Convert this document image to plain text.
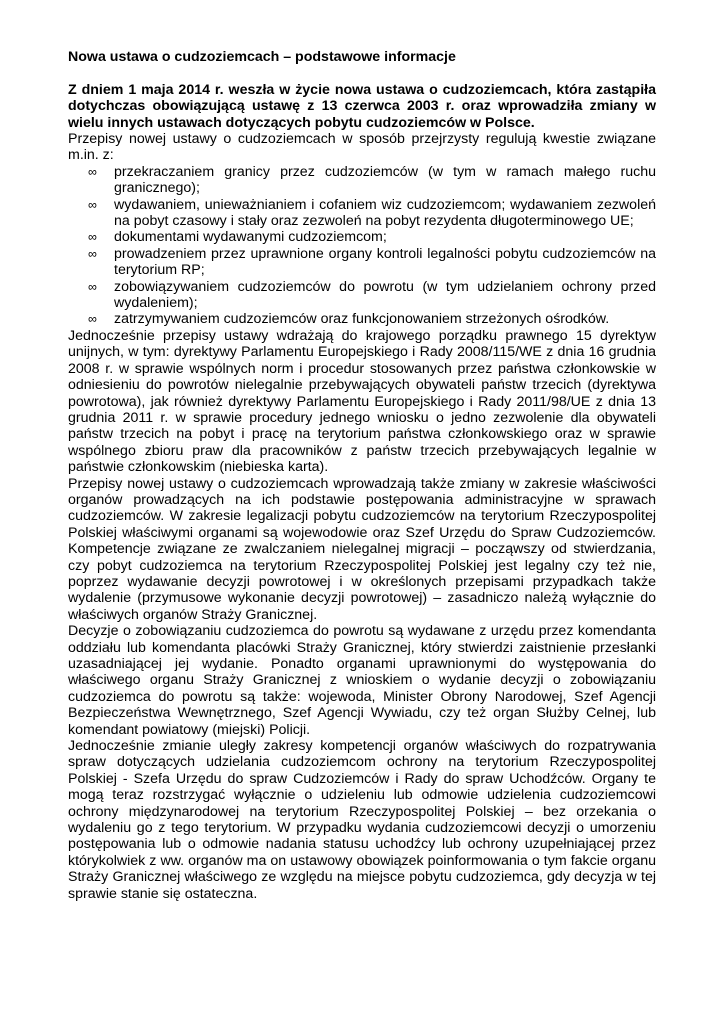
Nowa ustawa o cudzoziemcach – podstawowe informacje

Z dniem 1 maja 2014 r. weszła w życie nowa ustawa o cudzoziemcach, która zastąpiła dotychczas obowiązującą ustawę z 13 czerwca 2003 r. oraz wprowadziła zmiany w wielu innych ustawach dotyczących pobytu cudzoziemców w Polsce.

Przepisy nowej ustawy o cudzoziemcach w sposób przejrzysty regulują kwestie związane m.in. z:

∞ przekraczaniem granicy przez cudzoziemców (w tym w ramach małego ruchu granicznego);
∞ wydawaniem, unieważnianiem i cofaniem wiz cudzoziemcom; wydawaniem zezwoleń na pobyt czasowy i stały oraz zezwoleń na pobyt rezydenta długoterminowego UE;
∞ dokumentami wydawanymi cudzoziemcom;
∞ prowadzeniem przez uprawnione organy kontroli legalności pobytu cudzoziemców na terytorium RP;
∞ zobowiązywaniem cudzoziemców do powrotu (w tym udzielaniem ochrony przed wydaleniem);
∞ zatrzymywaniem cudzoziemców oraz funkcjonowaniem strzeżonych ośrodków.

Jednocześnie przepisy ustawy wdrażają do krajowego porządku prawnego 15 dyrektyw unijnych, w tym: dyrektywy Parlamentu Europejskiego i Rady 2008/115/WE z dnia 16 grudnia 2008 r. w sprawie wspólnych norm i procedur stosowanych przez państwa członkowskie w odniesieniu do powrotów nielegalnie przebywających obywateli państw trzecich (dyrektywa powrotowa), jak również dyrektywy Parlamentu Europejskiego i Rady 2011/98/UE z dnia 13 grudnia 2011 r. w sprawie procedury jednego wniosku o jedno zezwolenie dla obywateli państw trzecich na pobyt i pracę na terytorium państwa członkowskiego oraz w sprawie wspólnego zbioru praw dla pracowników z państw trzecich przebywających legalnie w państwie członkowskim (niebieska karta).

Przepisy nowej ustawy o cudzoziemcach wprowadzają także zmiany w zakresie właściwości organów prowadzących na ich podstawie postępowania administracyjne w sprawach cudzoziemców. W zakresie legalizacji pobytu cudzoziemców na terytorium Rzeczypospolitej Polskiej właściwymi organami są wojewodowie oraz Szef Urzędu do Spraw Cudzoziemców. Kompetencje związane ze zwalczaniem nielegalnej migracji – począwszy od stwierdzania, czy pobyt cudzoziemca na terytorium Rzeczypospolitej Polskiej jest legalny czy też nie, poprzez wydawanie decyzji powrotowej i w określonych przepisami przypadkach także wydalenie (przymusowe wykonanie decyzji powrotowej) – zasadniczo należą wyłącznie do właściwych organów Straży Granicznej.

Decyzje o zobowiązaniu cudzoziemca do powrotu są wydawane z urzędu przez komendanta oddziału lub komendanta placówki Straży Granicznej, który stwierdzi zaistnienie przesłanki uzasadniającej jej wydanie. Ponadto organami uprawnionymi do występowania do właściwego organu Straży Granicznej z wnioskiem o wydanie decyzji o zobowiązaniu cudzoziemca do powrotu są także: wojewoda, Minister Obrony Narodowej, Szef Agencji Bezpieczeństwa Wewnętrznego, Szef Agencji Wywiadu, czy też organ Służby Celnej, lub komendant powiatowy (miejski) Policji.

Jednocześnie zmianie uległy zakresy kompetencji organów właściwych do rozpatrywania spraw dotyczących udzielania cudzoziemcom ochrony na terytorium Rzeczypospolitej Polskiej - Szefa Urzędu do spraw Cudzoziemców i Rady do spraw Uchodźców. Organy te mogą teraz rozstrzygać wyłącznie o udzieleniu lub odmowie udzielenia cudzoziemcowi ochrony międzynarodowej na terytorium Rzeczypospolitej Polskiej – bez orzekania o wydaleniu go z tego terytorium. W przypadku wydania cudzoziemcowi decyzji o umorzeniu postępowania lub o odmowie nadania statusu uchodźcy lub ochrony uzupełniającej przez którykolwiek z ww. organów ma on ustawowy obowiązek poinformowania o tym fakcie organu Straży Granicznej właściwego ze względu na miejsce pobytu cudzoziemca, gdy decyzja w tej sprawie stanie się ostateczna.
